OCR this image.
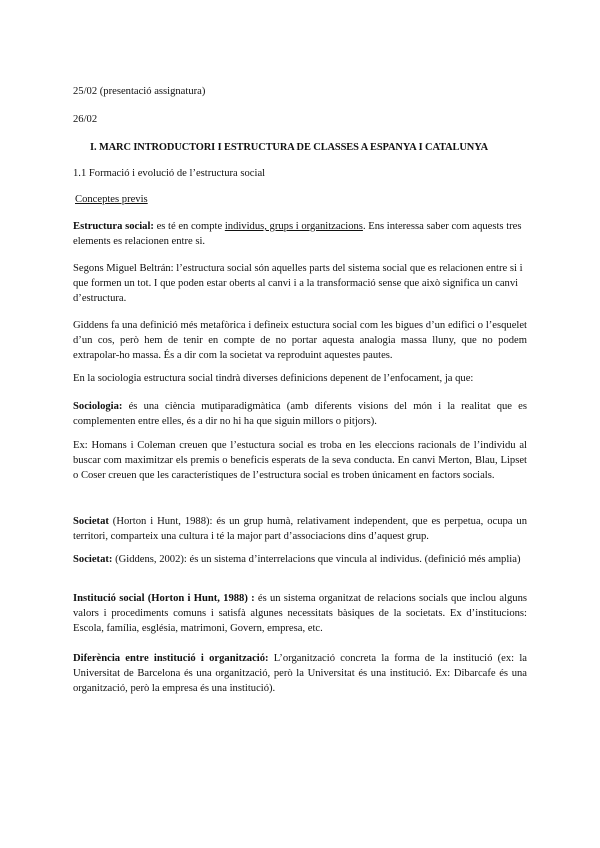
25/02 (presentació assignatura)

26/02

I. MARC INTRODUCTORI I ESTRUCTURA DE CLASSES A ESPANYA I CATALUNYA

1.1 Formació i evolució de l’estructura social

Conceptes previs

Estructura social: es té en compte individus, grups i organitzacions. Ens interessa saber com aquests tres elements es relacionen entre si.

Segons Miguel Beltrán: l’estructura social són aquelles parts del sistema social que es relacionen entre si i que formen un tot. I que poden estar oberts al canvi i a la transformació sense que això significa un canvi d’estructura.

Giddens fa una definició més metafòrica i defineix estuctura social com les bigues d’un edifici o l’esquelet d’un cos, però hem de tenir en compte de no portar aquesta analogia massa lluny, que no podem extrapolar-ho massa. És a dir com la societat va reproduint aquestes pautes.

En la sociologia estructura social tindrà diverses definicions depenent de l’enfocament, ja que:

Sociologia: és una ciència mutiparadigmàtica (amb diferents visions del món i la realitat que es complementen entre elles, és a dir no hi ha que siguin millors o pitjors).

Ex: Homans i Coleman creuen que l’estuctura social es troba en les eleccions racionals de l’individu al buscar com maximitzar els premis o beneficis esperats de la seva conducta. En canvi Merton, Blau, Lipset o Coser creuen que les característiques de l’estructura social es troben únicament en factors socials.

Societat (Horton i Hunt, 1988): és un grup humà, relativament independent, que es perpetua, ocupa un territori, comparteix una cultura i té la major part d’associacions dins d’aquest grup.

Societat: (Giddens, 2002): és un sistema d’interrelacions que vincula al individus. (definició més amplia)

Institució social (Horton i Hunt, 1988) : és un sistema organitzat de relacions socials que inclou alguns valors i procediments comuns i satisfà algunes necessitats bàsiques de la societats. Ex d’institucions: Escola, família, església, matrimoni, Govern, empresa, etc.

Diferència entre institució i organització: L’organització concreta la forma de la institució (ex: la Universitat de Barcelona és una organització, però la Universitat és una institució. Ex: Dibarcafe és una organització, però la empresa és una institució).
